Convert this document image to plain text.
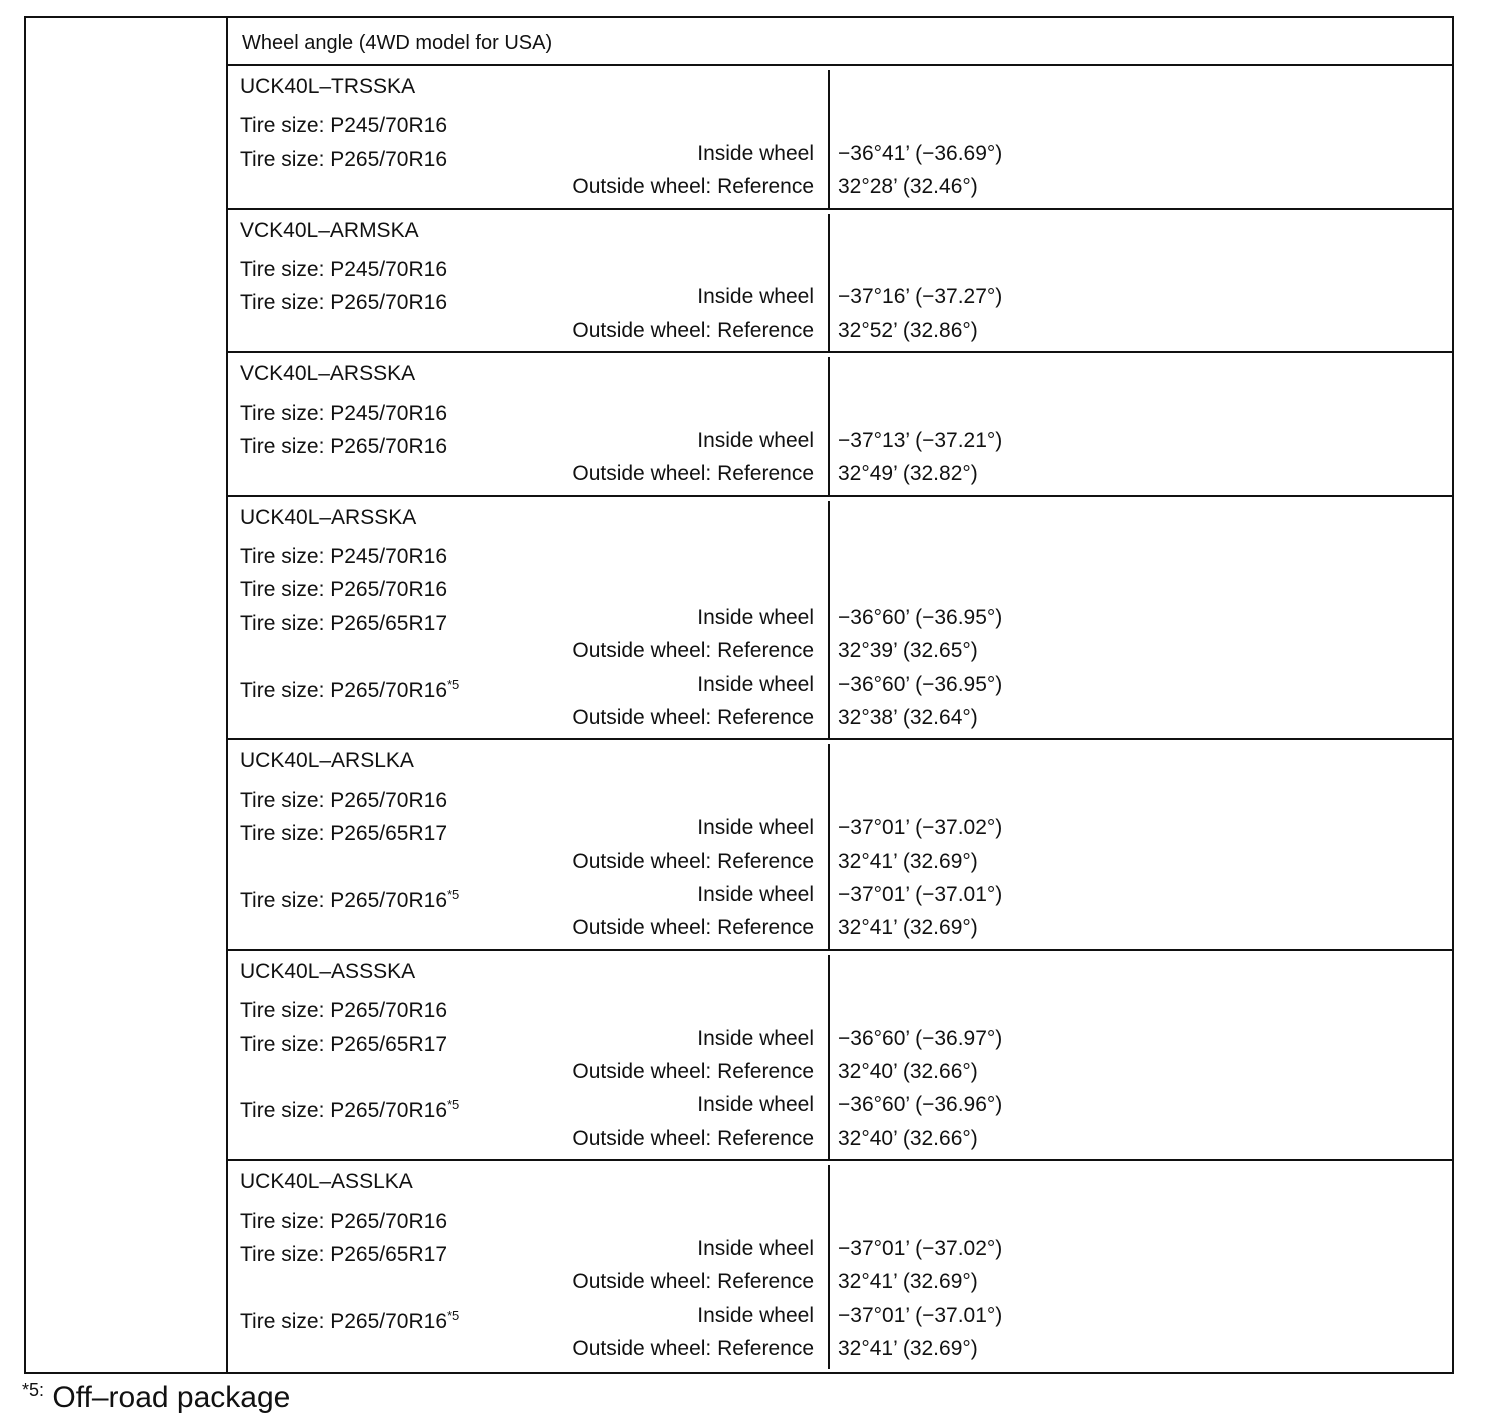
Wheel angle (4WD model for USA)
UCK40L–TRSSKA
Tire size: P245/70R16
Tire size: P265/70R16	Inside wheel −36°41’ (−36.69°)
Outside wheel: Reference 32°28’ (32.46°)
VCK40L–ARMSKA
Tire size: P245/70R16
Tire size: P265/70R16	Inside wheel −37°16’ (−37.27°)
Outside wheel: Reference 32°52’ (32.86°)
VCK40L–ARSSKA
Tire size: P245/70R16
Tire size: P265/70R16	Inside wheel −37°13’ (−37.21°)
Outside wheel: Reference 32°49’ (32.82°)
UCK40L–ARSSKA
Tire size: P245/70R16
Tire size: P265/70R16
Tire size: P265/65R17	Inside wheel −36°60’ (−36.95°)
Outside wheel: Reference 32°39’ (32.65°)
Tire size: P265/70R16$^{*5}$	Inside wheel −36°60’ (−36.95°)
Outside wheel: Reference 32°38’ (32.64°)
UCK40L–ARSLKA
Tire size: P265/70R16
Tire size: P265/65R17	Inside wheel −37°01’ (−37.02°)
Outside wheel: Reference 32°41’ (32.69°)
Tire size: P265/70R16$^{*5}$	Inside wheel −37°01’ (−37.01°)
Outside wheel: Reference 32°41’ (32.69°)
UCK40L–ASSSKA
Tire size: P265/70R16
Tire size: P265/65R17	Inside wheel −36°60’ (−36.97°)
Outside wheel: Reference 32°40’ (32.66°)
Tire size: P265/70R16$^{*5}$	Inside wheel −36°60’ (−36.96°)
Outside wheel: Reference 32°40’ (32.66°)
UCK40L–ASSLKA
Tire size: P265/70R16
Tire size: P265/65R17	Inside wheel −37°01’ (−37.02°)
Outside wheel: Reference 32°41’ (32.69°)
Tire size: P265/70R16$^{*5}$	Inside wheel −37°01’ (−37.01°)
Outside wheel: Reference 32°41’ (32.69°)
$^{*5:}$ Off–road package
